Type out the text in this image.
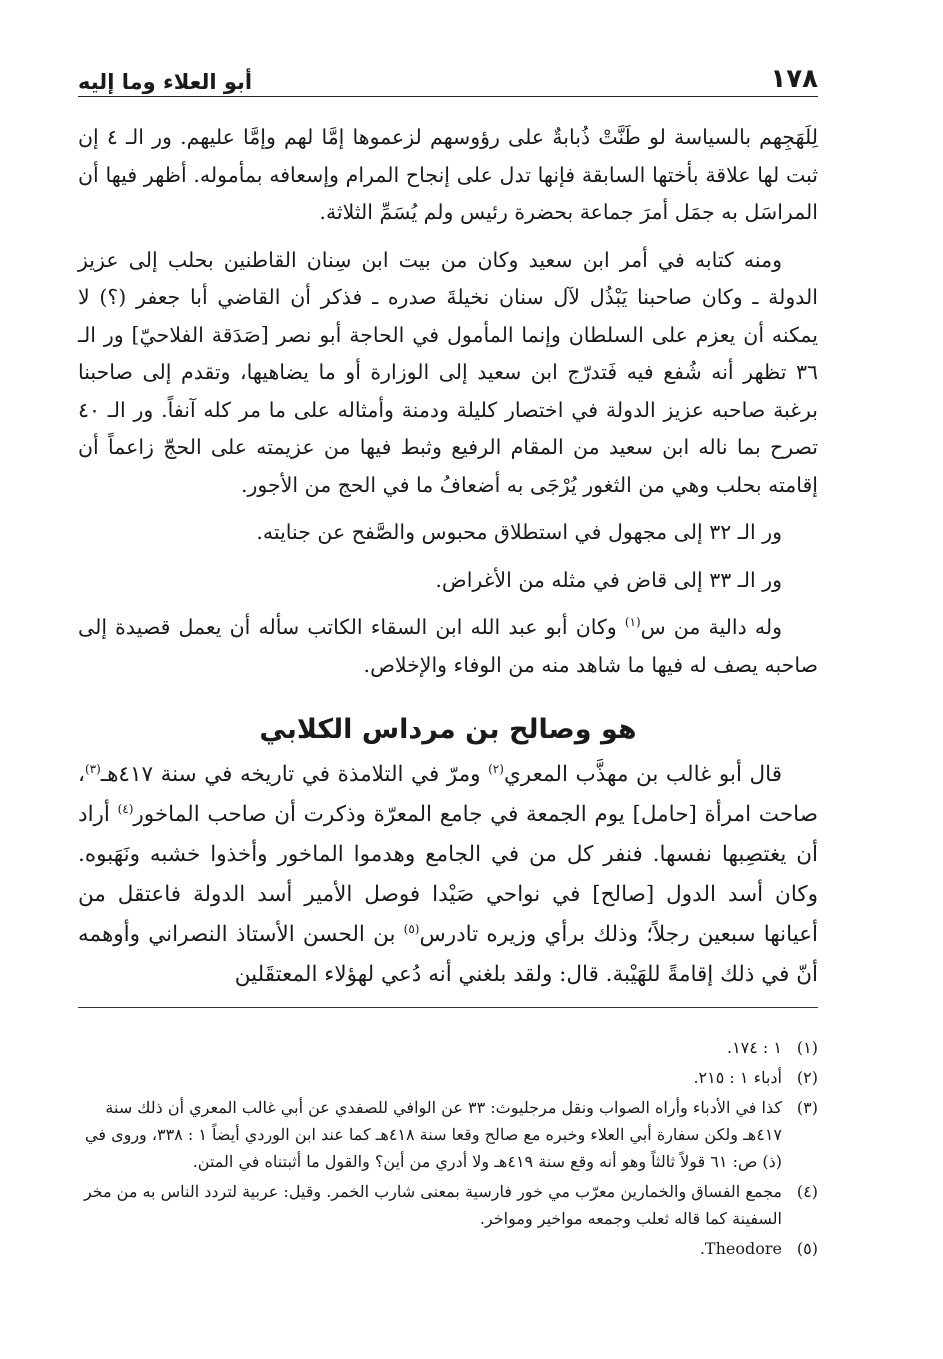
١٧٨
أبو العلاء وما إليه

لِلَهَجِهم بالسياسة لو طَنَّتْ ذُبابةٌ على رؤوسهم لزعموها إمَّا لهم وإمَّا عليهم. ور الـ ٤ إن ثبت لها علاقة بأختها السابقة فإنها تدل على إنجاح المرام وإسعافه بمأموله. أظهر فيها أن المراسَل به جمَل أمرَ جماعة بحضرة رئيس ولم يُسَمِّ الثلاثة.

ومنه كتابه في أمر ابن سعيد وكان من بيت ابن سِنان القاطنين بحلب إلى عزيز الدولة ـ وكان صاحبنا يَبْذُل لآل سنان نخيلةَ صدره ـ فذكر أن القاضي أبا جعفر (؟) لا يمكنه أن يعزم على السلطان وإنما المأمول في الحاجة أبو نصر [صَدَقة الفلاحيّ] ور الـ ٣٦ تظهر أنه شُفع فيه فَتدرّج ابن سعيد إلى الوزارة أو ما يضاهيها، وتقدم إلى صاحبنا برغبة صاحبه عزيز الدولة في اختصار كليلة ودمنة وأمثاله على ما مر كله آنفاً. ور الـ ٤٠ تصرح بما ناله ابن سعيد من المقام الرفيع وثبط فيها من عزيمته على الحجّ زاعماً أن إقامته بحلب وهي من الثغور يُرْجَى به أضعافُ ما في الحج من الأجور.

ور الـ ٣٢ إلى مجهول في استطلاق محبوس والصَّفح عن جنايته.

ور الـ ٣٣ إلى قاض في مثله من الأغراض.

وله دالية من س$^{(١)}$ وكان أبو عبد الله ابن السقاء الكاتب سأله أن يعمل قصيدة إلى صاحبه يصف له فيها ما شاهد منه من الوفاء والإخلاص.

هو وصالح بن مرداس الكلابي

قال أبو غالب بن مهذَّب المعري$^{(٢)}$ ومرّ في التلامذة في تاريخه في سنة ٤١٧هـ$^{(٣)}$، صاحت امرأة [حامل] يوم الجمعة في جامع المعرّة وذكرت أن صاحب الماخور$^{(٤)}$ أراد أن يغتصِبها نفسها. فنفر كل من في الجامع وهدموا الماخور وأخذوا خشبه ونَهَبوه. وكان أسد الدول [صالح] في نواحي صَيْدا فوصل الأمير أسد الدولة فاعتقل من أعيانها سبعين رجلاً؛ وذلك برأي وزيره تادرس$^{(٥)}$ بن الحسن الأستاذ النصراني وأوهمه أنّ في ذلك إقامةً للهَيْبة. قال: ولقد بلغني أنه دُعي لهؤلاء المعتقَلين

(١)
١ : ١٧٤.
(٢)
أدباء ١ : ٢١٥.
(٣)
كذا في الأدباء وأراه الصواب ونقل مرجليوث: ٣٣ عن الوافي للصفدي عن أبي غالب المعري أن ذلك سنة ٤١٧هـ ولكن سفارة أبي العلاء وخبره مع صالح وقعا سنة ٤١٨هـ كما عند ابن الوردي أيضاً ١ : ٣٣٨، وروى في (ذ) ص: ٦١ قولاً ثالثاً وهو أنه وقع سنة ٤١٩هـ ولا أدري من أين؟ والقول ما أثبتناه في المتن.
(٤)
مجمع الفساق والخمارين معرّب مي خور فارسية بمعنى شارب الخمر. وقيل: عربية لتردد الناس به من مخر السفينة كما قاله ثعلب وجمعه مواخير ومواخر.
(٥)
Theodore.
